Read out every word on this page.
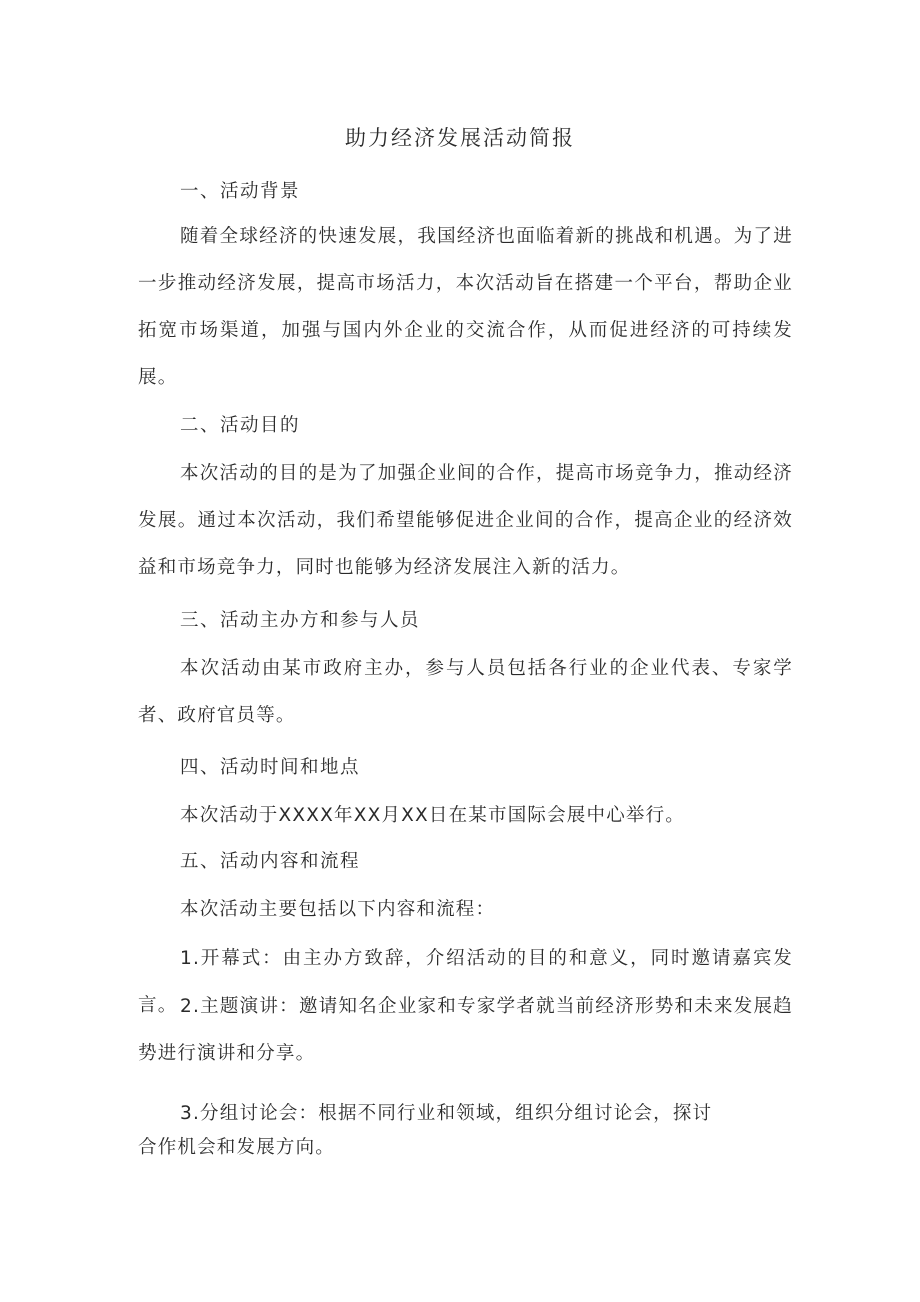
助力经济发展活动简报

一、活动背景

随着全球经济的快速发展，我国经济也面临着新的挑战和机遇。为了进一步推动经济发展，提高市场活力，本次活动旨在搭建一个平台，帮助企业拓宽市场渠道，加强与国内外企业的交流合作，从而促进经济的可持续发展。

二、活动目的

本次活动的目的是为了加强企业间的合作，提高市场竞争力，推动经济发展。通过本次活动，我们希望能够促进企业间的合作，提高企业的经济效益和市场竞争力，同时也能够为经济发展注入新的活力。

三、活动主办方和参与人员

本次活动由某市政府主办，参与人员包括各行业的企业代表、专家学者、政府官员等。

四、活动时间和地点

本次活动于XXXX年XX月XX日在某市国际会展中心举行。

五、活动内容和流程

本次活动主要包括以下内容和流程：

1.开幕式：由主办方致辞，介绍活动的目的和意义，同时邀请嘉宾发言。 2.主题演讲：邀请知名企业家和专家学者就当前经济形势和未来发展趋势进行演讲和分享。

3.分组讨论会：根据不同行业和领域，组织分组讨论会，探讨

合作机会和发展方向。
